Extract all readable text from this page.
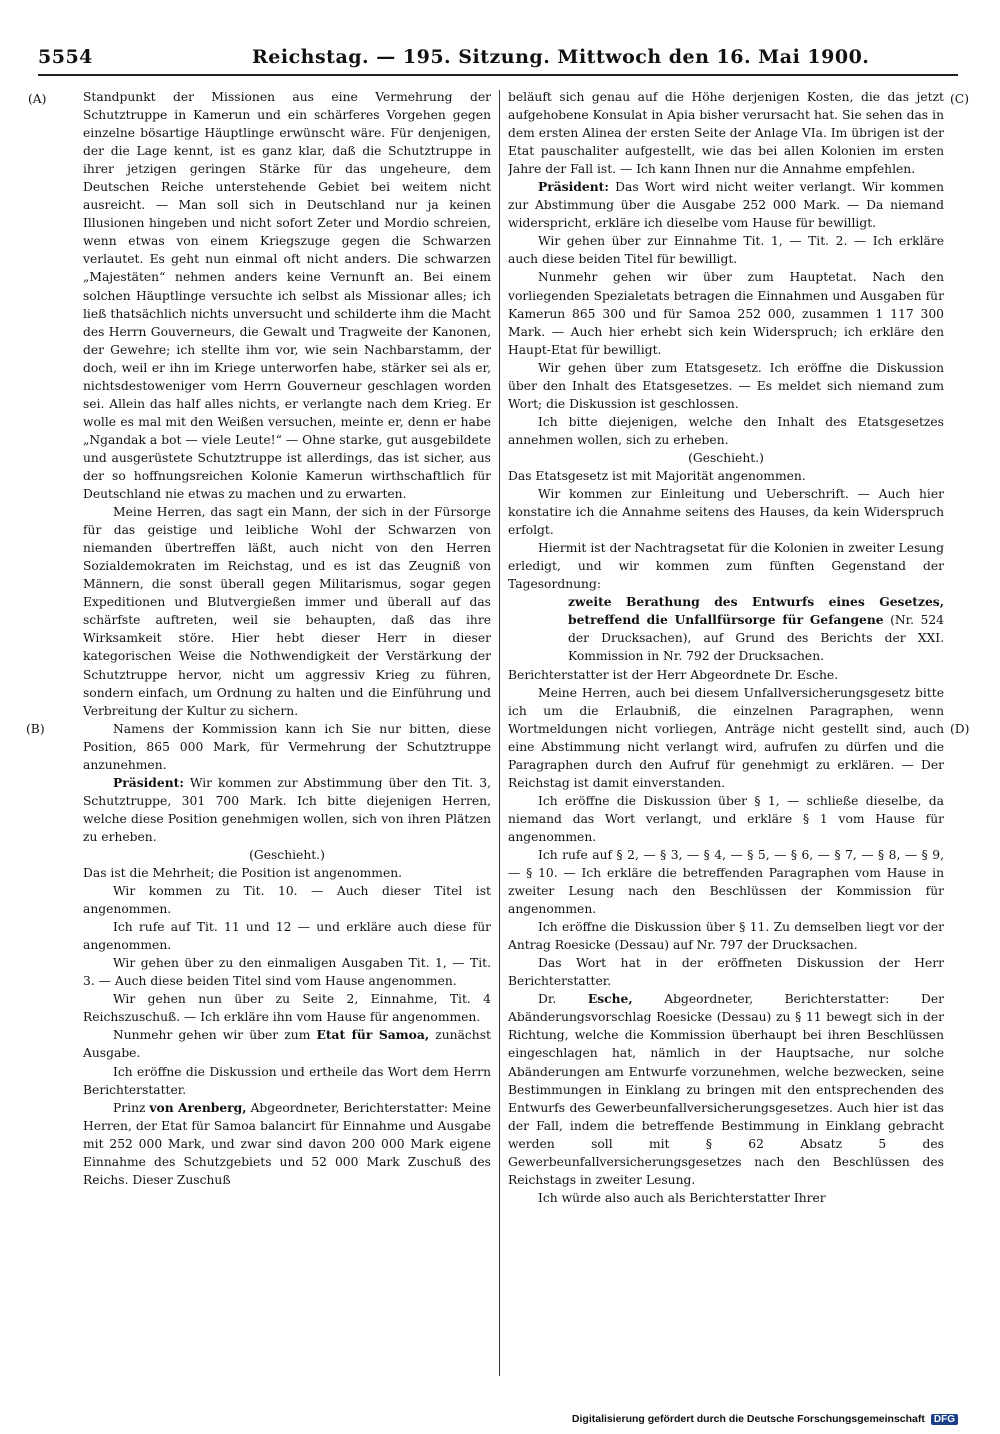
5554	Reichstag. — 195. Sitzung. Mittwoch den 16. Mai 1900.
(A)
(B)
(C)
(D)

Standpunkt der Missionen aus eine Vermehrung der Schutztruppe in Kamerun und ein schärferes Vorgehen gegen einzelne bösartige Häuptlinge erwünscht wäre. Für denjenigen, der die Lage kennt, ist es ganz klar, daß die Schutztruppe in ihrer jetzigen geringen Stärke für das ungeheure, dem Deutschen Reiche unterstehende Gebiet bei weitem nicht ausreicht. — Man soll sich in Deutschland nur ja keinen Illusionen hingeben und nicht sofort Zeter und Mordio schreien, wenn etwas von einem Kriegszuge gegen die Schwarzen verlautet. Es geht nun einmal oft nicht anders. Die schwarzen „Majestäten“ nehmen anders keine Vernunft an. Bei einem solchen Häuptlinge versuchte ich selbst als Missionar alles; ich ließ thatsächlich nichts unversucht und schilderte ihm die Macht des Herrn Gouverneurs, die Gewalt und Tragweite der Kanonen, der Gewehre; ich stellte ihm vor, wie sein Nachbarstamm, der doch, weil er ihn im Kriege unterworfen habe, stärker sei als er, nichtsdestoweniger vom Herrn Gouverneur geschlagen worden sei. Allein das half alles nichts, er verlangte nach dem Krieg. Er wolle es mal mit den Weißen versuchen, meinte er, denn er habe „Ngandak a bot — viele Leute!“ — Ohne starke, gut ausgebildete und ausgerüstete Schutztruppe ist allerdings, das ist sicher, aus der so hoffnungsreichen Kolonie Kamerun wirthschaftlich für Deutschland nie etwas zu machen und zu erwarten.

Meine Herren, das sagt ein Mann, der sich in der Fürsorge für das geistige und leibliche Wohl der Schwarzen von niemanden übertreffen läßt, auch nicht von den Herren Sozialdemokraten im Reichstag, und es ist das Zeugniß von Männern, die sonst überall gegen Militarismus, sogar gegen Expeditionen und Blutvergießen immer und überall auf das schärfste auftreten, weil sie behaupten, daß das ihre Wirksamkeit störe. Hier hebt dieser Herr in dieser kategorischen Weise die Nothwendigkeit der Verstärkung der Schutztruppe hervor, nicht um aggressiv Krieg zu führen, sondern einfach, um Ordnung zu halten und die Einführung und Verbreitung der Kultur zu sichern.

Namens der Kommission kann ich Sie nur bitten, diese Position, 865 000 Mark, für Vermehrung der Schutztruppe anzunehmen.

Präsident: Wir kommen zur Abstimmung über den Tit. 3, Schutztruppe, 301 700 Mark. Ich bitte diejenigen Herren, welche diese Position genehmigen wollen, sich von ihren Plätzen zu erheben.

(Geschieht.)

Das ist die Mehrheit; die Position ist angenommen.

Wir kommen zu Tit. 10. — Auch dieser Titel ist angenommen.

Ich rufe auf Tit. 11 und 12 — und erkläre auch diese für angenommen.

Wir gehen über zu den einmaligen Ausgaben Tit. 1, — Tit. 3. — Auch diese beiden Titel sind vom Hause angenommen.

Wir gehen nun über zu Seite 2, Einnahme, Tit. 4 Reichszuschuß. — Ich erkläre ihn vom Hause für angenommen.

Nunmehr gehen wir über zum Etat für Samoa, zunächst Ausgabe.

Ich eröffne die Diskussion und ertheile das Wort dem Herrn Berichterstatter.

Prinz von Arenberg, Abgeordneter, Berichterstatter: Meine Herren, der Etat für Samoa balancirt für Einnahme und Ausgabe mit 252 000 Mark, und zwar sind davon 200 000 Mark eigene Einnahme des Schutzgebiets und 52 000 Mark Zuschuß des Reichs. Dieser Zuschuß

beläuft sich genau auf die Höhe derjenigen Kosten, die das jetzt aufgehobene Konsulat in Apia bisher verursacht hat. Sie sehen das in dem ersten Alinea der ersten Seite der Anlage VIa. Im übrigen ist der Etat pauschaliter aufgestellt, wie das bei allen Kolonien im ersten Jahre der Fall ist. — Ich kann Ihnen nur die Annahme empfehlen.

Präsident: Das Wort wird nicht weiter verlangt. Wir kommen zur Abstimmung über die Ausgabe 252 000 Mark. — Da niemand widerspricht, erkläre ich dieselbe vom Hause für bewilligt.

Wir gehen über zur Einnahme Tit. 1, — Tit. 2. — Ich erkläre auch diese beiden Titel für bewilligt.

Nunmehr gehen wir über zum Hauptetat. Nach den vorliegenden Spezialetats betragen die Einnahmen und Ausgaben für Kamerun 865 300 und für Samoa 252 000, zusammen 1 117 300 Mark. — Auch hier erhebt sich kein Widerspruch; ich erkläre den Haupt-Etat für bewilligt.

Wir gehen über zum Etatsgesetz. Ich eröffne die Diskussion über den Inhalt des Etatsgesetzes. — Es meldet sich niemand zum Wort; die Diskussion ist geschlossen.

Ich bitte diejenigen, welche den Inhalt des Etatsgesetzes annehmen wollen, sich zu erheben.

(Geschieht.)

Das Etatsgesetz ist mit Majorität angenommen.

Wir kommen zur Einleitung und Ueberschrift. — Auch hier konstatire ich die Annahme seitens des Hauses, da kein Widerspruch erfolgt.

Hiermit ist der Nachtragsetat für die Kolonien in zweiter Lesung erledigt, und wir kommen zum fünften Gegenstand der Tagesordnung:

zweite Berathung des Entwurfs eines Gesetzes, betreffend die Unfallfürsorge für Gefangene (Nr. 524 der Drucksachen), auf Grund des Berichts der XXI. Kommission in Nr. 792 der Drucksachen.

Berichterstatter ist der Herr Abgeordnete Dr. Esche.

Meine Herren, auch bei diesem Unfallversicherungsgesetz bitte ich um die Erlaubniß, die einzelnen Paragraphen, wenn Wortmeldungen nicht vorliegen, Anträge nicht gestellt sind, auch eine Abstimmung nicht verlangt wird, aufrufen zu dürfen und die Paragraphen durch den Aufruf für genehmigt zu erklären. — Der Reichstag ist damit einverstanden.

Ich eröffne die Diskussion über § 1, — schließe dieselbe, da niemand das Wort verlangt, und erkläre § 1 vom Hause für angenommen.

Ich rufe auf § 2, — § 3, — § 4, — § 5, — § 6, — § 7, — § 8, — § 9, — § 10. — Ich erkläre die betreffenden Paragraphen vom Hause in zweiter Lesung nach den Beschlüssen der Kommission für angenommen.

Ich eröffne die Diskussion über § 11. Zu demselben liegt vor der Antrag Roesicke (Dessau) auf Nr. 797 der Drucksachen.

Das Wort hat in der eröffneten Diskussion der Herr Berichterstatter.

Dr.	Esche,	Abgeordneter, Berichterstatter: Der Abänderungsvorschlag Roesicke (Dessau) zu § 11 bewegt sich in der Richtung, welche die Kommission überhaupt bei ihren Beschlüssen eingeschlagen hat, nämlich in der Hauptsache, nur solche Abänderungen am Entwurfe vorzunehmen, welche bezwecken, seine Bestimmungen in Einklang zu bringen mit den entsprechenden des Entwurfs des Gewerbeunfallversicherungsgesetzes. Auch hier ist das der Fall, indem die betreffende Bestimmung in Einklang gebracht werden soll mit § 62 Absatz 5 des Gewerbeunfallversicherungsgesetzes nach den Beschlüssen des Reichstags in zweiter Lesung.

Ich würde also auch als Berichterstatter Ihrer

Digitalisierung gefördert durch die Deutsche Forschungsgemeinschaft DFG
